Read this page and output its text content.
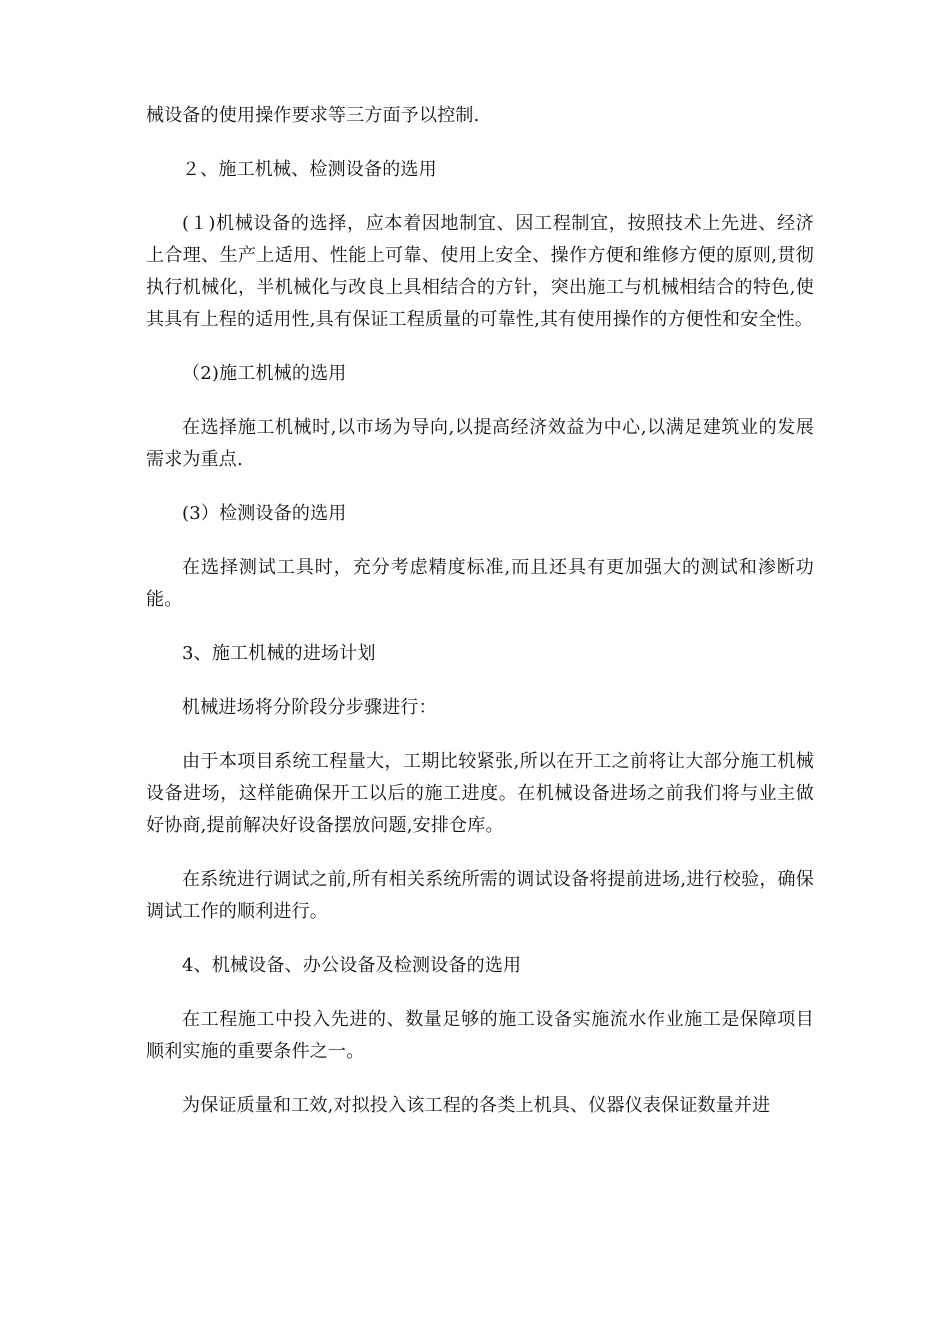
械设备的使用操作要求等三方面予以控制.

２、施工机械、检测设备的选用

(１)机械设备的选择，应本着因地制宜、因工程制宜，按照技术上先进、经济上合理、生产上适用、性能上可靠、使用上安全、操作方便和维修方便的原则,贯彻执行机械化，半机械化与改良上具相结合的方针，突出施工与机械相结合的特色,使其具有上程的适用性,具有保证工程质量的可靠性,其有使用操作的方便性和安全性。

（2)施工机械的选用

在选择施工机械时,以市场为导向,以提高经济效益为中心,以满足建筑业的发展需求为重点.

(3）检测设备的选用

在选择测试工具时，充分考虑精度标准,而且还具有更加强大的测试和渗断功能。

3、施工机械的进场计划

机械进场将分阶段分步骤进行：

由于本项目系统工程量大，工期比较紧张,所以在开工之前将让大部分施工机械设备进场，这样能确保开工以后的施工进度。在机械设备进场之前我们将与业主做好协商,提前解决好设备摆放问题,安排仓库。

在系统进行调试之前,所有相关系统所需的调试设备将提前进场,进行校验，确保调试工作的顺利进行。

4、机械设备、办公设备及检测设备的选用

在工程施工中投入先进的、数量足够的施工设备实施流水作业施工是保障项目顺利实施的重要条件之一。

为保证质量和工效,对拟投入该工程的各类上机具、仪器仪表保证数量并进
